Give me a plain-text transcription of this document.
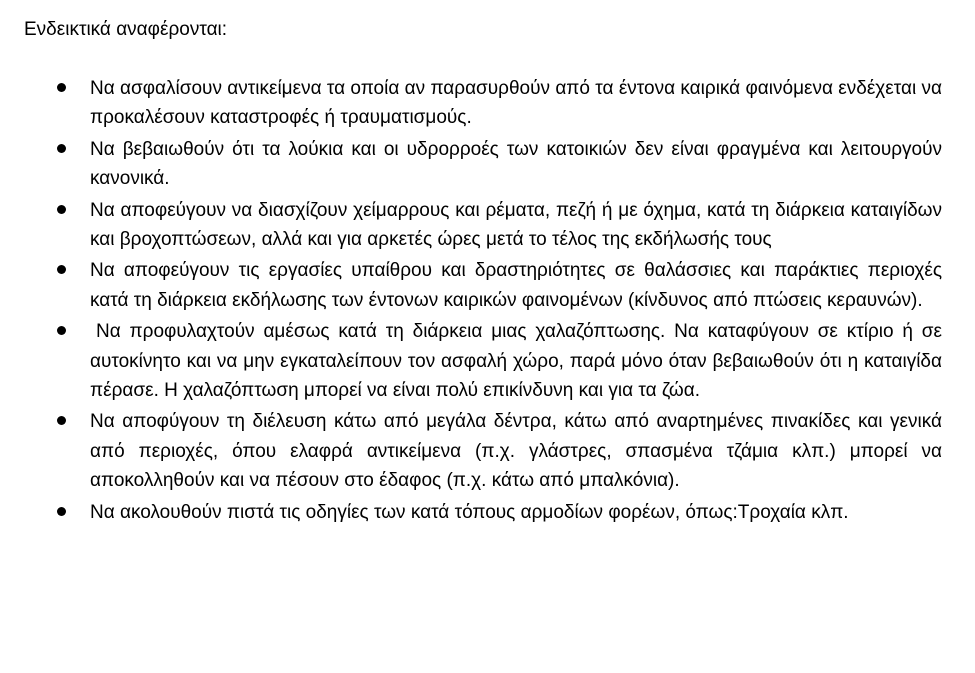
Ενδεικτικά αναφέρονται:

Να ασφαλίσουν αντικείμενα τα οποία αν παρασυρθούν από τα έντονα καιρικά φαινόμενα ενδέχεται να προκαλέσουν καταστροφές ή τραυματισμούς.
Να βεβαιωθούν ότι τα λούκια και οι υδρορροές των κατοικιών δεν είναι φραγμένα και λειτουργούν κανονικά.
Να αποφεύγουν να διασχίζουν χείμαρρους και ρέματα, πεζή ή με όχημα, κατά τη διάρκεια καταιγίδων και βροχοπτώσεων, αλλά και για αρκετές ώρες μετά το τέλος της εκδήλωσής τους
Να αποφεύγουν τις εργασίες υπαίθρου και δραστηριότητες σε θαλάσσιες και παράκτιες περιοχές κατά τη διάρκεια εκδήλωσης των έντονων καιρικών φαινομένων (κίνδυνος από πτώσεις κεραυνών).
Να προφυλαχτούν αμέσως κατά τη διάρκεια μιας χαλαζόπτωσης. Να καταφύγουν σε κτίριο ή σε αυτοκίνητο και να μην εγκαταλείπουν τον ασφαλή χώρο, παρά μόνο όταν βεβαιωθούν ότι η καταιγίδα πέρασε. Η χαλαζόπτωση μπορεί να είναι πολύ επικίνδυνη και για τα ζώα.
Να αποφύγουν τη διέλευση κάτω από μεγάλα δέντρα, κάτω από αναρτημένες πινακίδες και γενικά από περιοχές, όπου ελαφρά αντικείμενα (π.χ. γλάστρες, σπασμένα τζάμια κλπ.) μπορεί να αποκολληθούν και να πέσουν στο έδαφος (π.χ. κάτω από μπαλκόνια).
Να ακολουθούν πιστά τις οδηγίες των κατά τόπους αρμοδίων φορέων, όπως:Τροχαία κλπ.
